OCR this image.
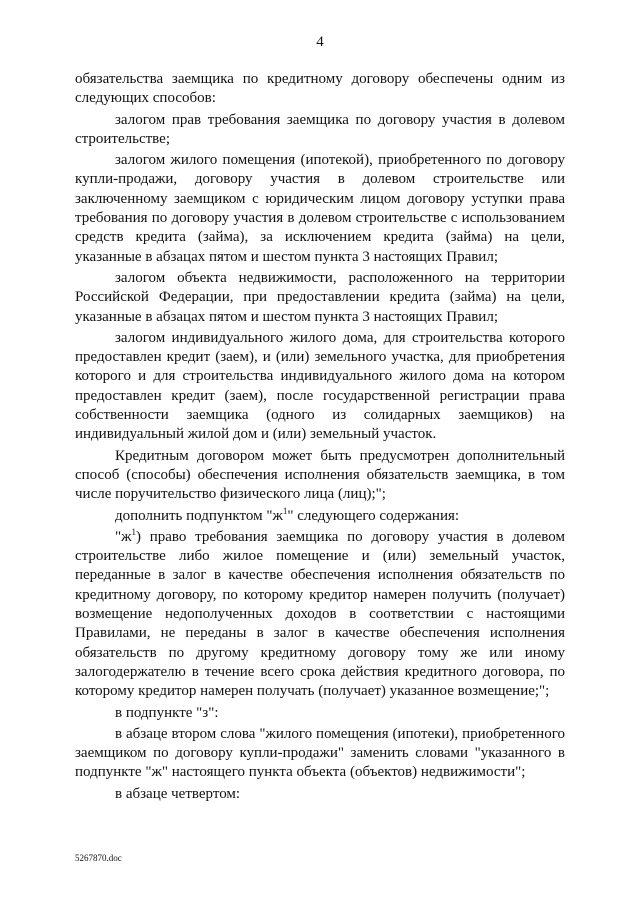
4

обязательства заемщика по кредитному договору обеспечены одним из следующих способов:

залогом прав требования заемщика по договору участия в долевом строительстве;

залогом жилого помещения (ипотекой), приобретенного по договору купли-продажи, договору участия в долевом строительстве или заключенному заемщиком с юридическим лицом договору уступки права требования по договору участия в долевом строительстве с использованием средств кредита (займа), за исключением кредита (займа) на цели, указанные в абзацах пятом и шестом пункта 3 настоящих Правил;

залогом объекта недвижимости, расположенного на территории Российской Федерации, при предоставлении кредита (займа) на цели, указанные в абзацах пятом и шестом пункта 3 настоящих Правил;

залогом индивидуального жилого дома, для строительства которого предоставлен кредит (заем), и (или) земельного участка, для приобретения которого и для строительства индивидуального жилого дома на котором предоставлен кредит (заем), после государственной регистрации права собственности заемщика (одного из солидарных заемщиков) на индивидуальный жилой дом и (или) земельный участок.

Кредитным договором может быть предусмотрен дополнительный способ (способы) обеспечения исполнения обязательств заемщика, в том числе поручительство физического лица (лиц);";

дополнить подпунктом "$ж^1$" следующего содержания:

"$ж^1$) право требования заемщика по договору участия в долевом строительстве либо жилое помещение и (или) земельный участок, переданные в залог в качестве обеспечения исполнения обязательств по кредитному договору, по которому кредитор намерен получить (получает) возмещение недополученных доходов в соответствии с настоящими Правилами, не переданы в залог в качестве обеспечения исполнения обязательств по другому кредитному договору тому же или иному залогодержателю в течение всего срока действия кредитного договора, по которому кредитор намерен получать (получает) указанное возмещение;";

в подпункте "з":

в абзаце втором слова "жилого помещения (ипотеки), приобретенного заемщиком по договору купли-продажи" заменить словами "указанного в подпункте "ж" настоящего пункта объекта (объектов) недвижимости";

в абзаце четвертом:

5267870.doc
